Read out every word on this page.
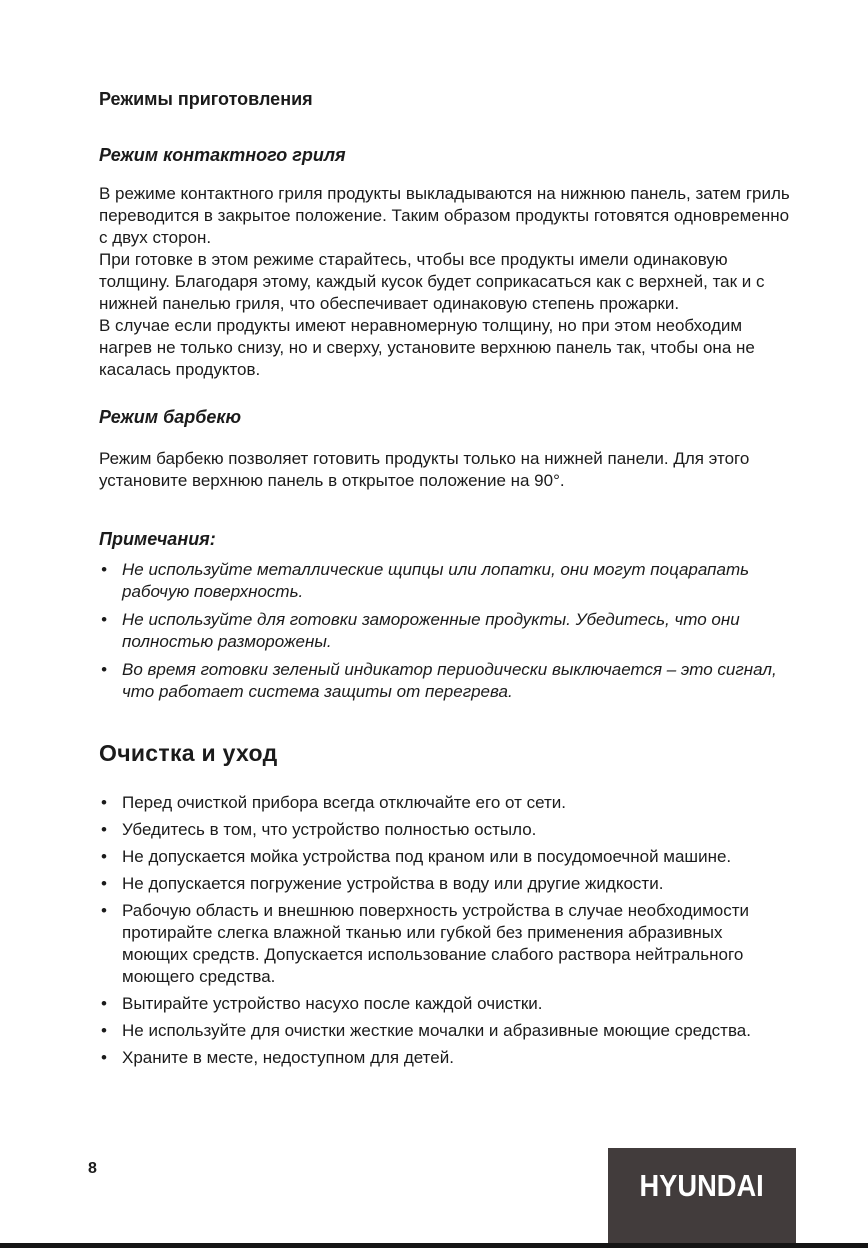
Режимы приготовления
Режим контактного гриля

В режиме контактного гриля продукты выкладываются на нижнюю панель, затем гриль переводится в закрытое положение. Таким образом продукты готовятся одновременно с двух сторон.

При готовке в этом режиме старайтесь, чтобы все продукты имели одинаковую толщину. Благодаря этому, каждый кусок будет соприкасаться как с верхней, так и с нижней панелью гриля, что обеспечивает одинаковую степень прожарки.

В случае если продукты имеют неравномерную толщину, но при этом необходим нагрев не только снизу, но и сверху, установите верхнюю панель так, чтобы она не касалась продуктов.

Режим барбекю

Режим барбекю позволяет готовить продукты только на нижней панели. Для этого установите верхнюю панель в открытое положение на 90°.

Примечания:
• Не используйте металлические щипцы или лопатки, они могут поцарапать рабочую поверхность.
• Не используйте для готовки замороженные продукты. Убедитесь, что они полностью разморожены.
• Во время готовки зеленый индикатор периодически выключается – это сигнал, что работает система защиты от перегрева.
Очистка и уход
• Перед очисткой прибора всегда отключайте его от сети.
• Убедитесь в том, что устройство полностью остыло.
• Не допускается мойка устройства под краном или в посудомоечной машине.
• Не допускается погружение устройства в воду или другие жидкости.
• Рабочую область и внешнюю поверхность устройства в случае необходимости протирайте слегка влажной тканью или губкой без применения абразивных моющих средств. Допускается использование слабого раствора нейтрального моющего средства.
• Вытирайте устройство насухо после каждой очистки.
• Не используйте для очистки жесткие мочалки и абразивные моющие средства.
• Храните в месте, недоступном для детей.
8	HYUNDAI
